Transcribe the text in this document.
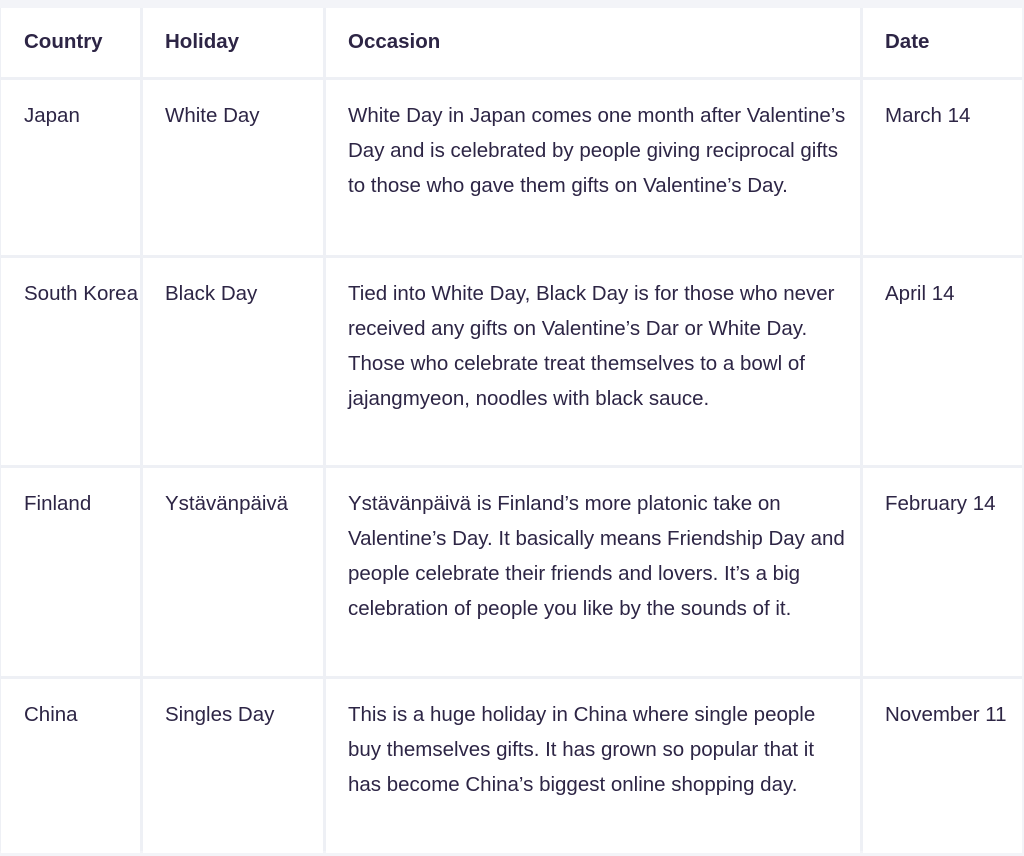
Country	Holiday	Occasion	Date
Japan	White Day	White Day in Japan comes one month after Valentine’s Day and is celebrated by people giving reciprocal gifts to those who gave them gifts on Valentine’s Day.	March 14
South Korea	Black Day	Tied into White Day, Black Day is for those who never received any gifts on Valentine’s Dar or White Day. Those who celebrate treat themselves to a bowl of jajangmyeon, noodles with black sauce.	April 14
Finland	Ystävänpäivä	Ystävänpäivä is Finland’s more platonic take on Valentine’s Day. It basically means Friendship Day and people celebrate their friends and lovers. It’s a big celebration of people you like by the sounds of it.	February 14
China	Singles Day	This is a huge holiday in China where single people buy themselves gifts. It has grown so popular that it has become China’s biggest online shopping day.	November 11
